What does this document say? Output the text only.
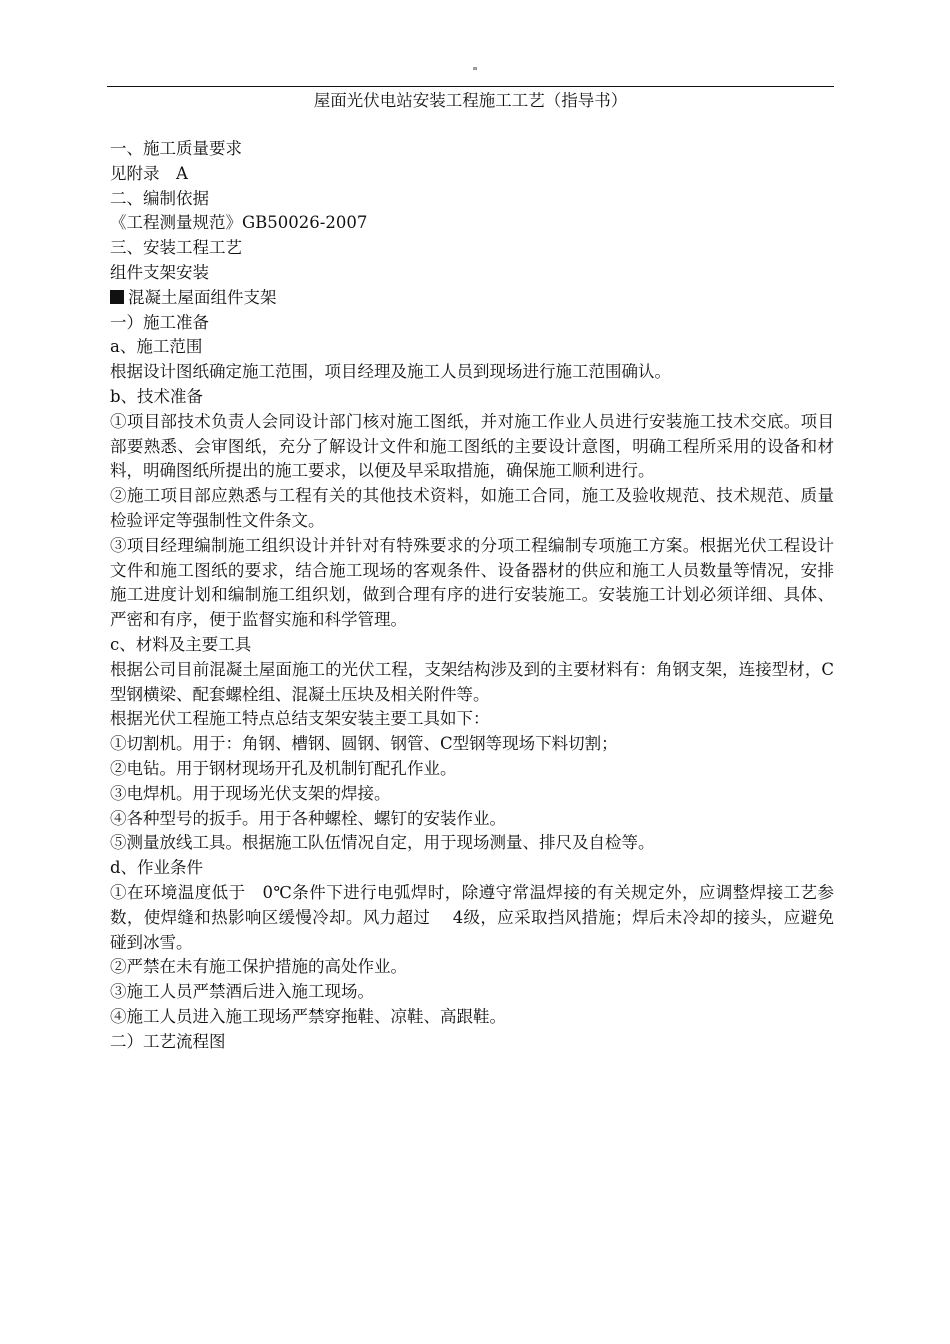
"
屋面光伏电站安装工程施工工艺（指导书）
一、施工质量要求
见附录　A
二、编制依据
《工程测量规范》GB50026-2007
三、安装工程工艺
组件支架安装
混凝土屋面组件支架
一）施工准备
a、施工范围
根据设计图纸确定施工范围，项目经理及施工人员到现场进行施工范围确认。
b、技术准备
①项目部技术负责人会同设计部门核对施工图纸，并对施工作业人员进行安装施工技术交底。项目部要熟悉、会审图纸，充分了解设计文件和施工图纸的主要设计意图，明确工程所采用的设备和材料，明确图纸所提出的施工要求，以便及早采取措施，确保施工顺利进行。
②施工项目部应熟悉与工程有关的其他技术资料，如施工合同，施工及验收规范、技术规范、质量检验评定等强制性文件条文。
③项目经理编制施工组织设计并针对有特殊要求的分项工程编制专项施工方案。根据光伏工程设计文件和施工图纸的要求，结合施工现场的客观条件、设备器材的供应和施工人员数量等情况，安排施工进度计划和编制施工组织划，做到合理有序的进行安装施工。安装施工计划必须详细、具体、严密和有序，便于监督实施和科学管理。
c、材料及主要工具
根据公司目前混凝土屋面施工的光伏工程，支架结构涉及到的主要材料有：角钢支架，连接型材，C型钢横梁、配套螺栓组、混凝土压块及相关附件等。
根据光伏工程施工特点总结支架安装主要工具如下：
①切割机。用于：角钢、槽钢、圆钢、钢管、C型钢等现场下料切割；
②电钻。用于钢材现场开孔及机制钉配孔作业。
③电焊机。用于现场光伏支架的焊接。
④各种型号的扳手。用于各种螺栓、螺钉的安装作业。
⑤测量放线工具。根据施工队伍情况自定，用于现场测量、排尺及自检等。
d、作业条件
①在环境温度低于　0℃条件下进行电弧焊时，除遵守常温焊接的有关规定外，应调整焊接工艺参数，使焊缝和热影响区缓慢冷却。风力超过　 4级，应采取挡风措施；焊后未冷却的接头，应避免碰到冰雪。
②严禁在未有施工保护措施的高处作业。
③施工人员严禁酒后进入施工现场。
④施工人员进入施工现场严禁穿拖鞋、凉鞋、高跟鞋。
二）工艺流程图
